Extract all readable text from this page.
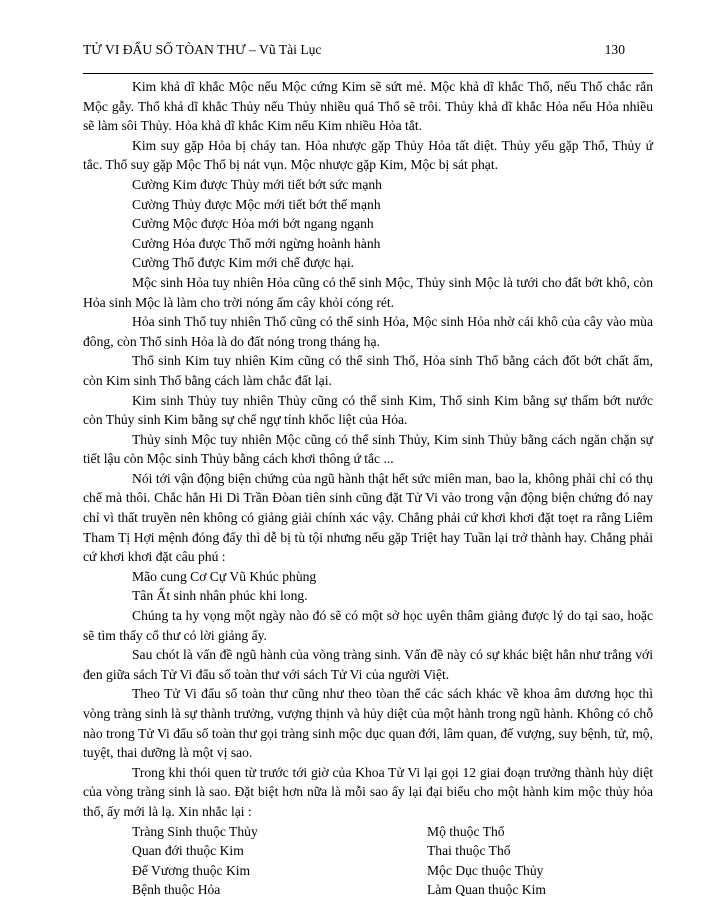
TỬ VI ĐẨU SỐ TÒAN THƯ – Vũ Tài Lục	130

Kim khả dĩ khắc Mộc nếu Mộc cứng Kim sẽ sứt mẻ. Mộc khả dĩ khắc Thổ, nếu Thổ chắc rắn Mộc gẫy. Thổ khả dĩ khắc Thủy nếu Thủy nhiều quá Thổ sẽ trôi. Thủy khả dĩ khắc Hỏa nếu Hỏa nhiều sẽ làm sôi Thủy. Hỏa khả dĩ khắc Kim nếu Kim nhiều Hỏa tắt.

Kim suy gặp Hỏa bị cháy tan. Hỏa nhược gặp Thủy Hỏa tất diệt. Thủy yếu gặp Thổ, Thủy ứ tắc. Thổ suy gặp Mộc Thổ bị nát vụn. Mộc nhược gặp Kim, Mộc bị sát phạt.

Cường Kim được Thủy mới tiết bớt sức mạnh

Cường Thủy được Mộc mới tiết bớt thế mạnh

Cường Mộc được Hỏa mới bớt ngang ngạnh

Cường Hỏa được Thổ mới ngừng hoành hành

Cường Thổ được Kim mới chế được hại.

Mộc sinh Hỏa tuy nhiên Hỏa cũng có thể sinh Mộc, Thủy sinh Mộc là tưới cho đất bớt khô, còn Hỏa sinh Mộc là làm cho trời nóng ấm cây khỏi cóng rét.

Hỏa sinh Thổ tuy nhiên Thổ cũng có thể sinh Hỏa, Mộc sinh Hỏa nhờ cái khô của cây vào mùa đông, còn Thổ sinh Hỏa là do đất nóng trong tháng hạ.

Thổ sinh Kim tuy nhiên Kim cũng có thể sinh Thổ, Hỏa sinh Thổ bằng cách đốt bớt chất ẩm, còn Kim sinh Thổ bằng cách làm chắc đất lại.

Kim sinh Thủy tuy nhiên Thủy cũng có thể sinh Kim, Thổ sinh Kim bằng sự thấm bớt nước còn Thủy sinh Kim bằng sự chế ngự tính khốc liệt của Hỏa.

Thủy sinh Mộc tuy nhiên Mộc cũng có thể sinh Thủy, Kim sinh Thủy bằng cách ngăn chặn sự tiết lậu còn Mộc sinh Thủy bằng cách khơi thông ứ tắc ...

Nói tới vận động biện chứng của ngũ hành thật hết sức miên man, bao la, không phải chỉ có thụ chế mà thôi. Chắc hẳn Hi Di Trần Đòan tiên sinh cũng đặt Tử Vi vào trong vận động biện chứng đó nay chỉ vì thất truyền nên không có giảng giải chính xác vậy. Chẳng phải cứ khơi khơi đặt toẹt ra rằng Liêm Tham Tị Hợi mệnh đóng đấy thì dễ bị tù tội nhưng nếu gặp Triệt hay Tuần lại trở thành hay. Chẳng phải cứ khơi khơi đặt câu phú :

Mão cung Cơ Cự Vũ Khúc phùng

Tân Ất sinh nhân phúc khi long.

Chúng ta hy vọng một ngày nào đó sẽ có một sở học uyên thâm giảng được lý do tại sao, hoặc sẽ tìm thấy cổ thư có lời giảng ấy.

Sau chót là vấn đề ngũ hành của vòng tràng sinh. Vấn đề này có sự khác biệt hẳn như trắng với đen giữa sách Tử Vi đẩu số toàn thư với sách Tử Vi của người Việt.

Theo Tử Vi đẩu số toàn thư cũng như theo tòan thể các sách khác về khoa âm dương học thì vòng tràng sinh là sự thành trưởng, vượng thịnh và hủy diệt của một hành trong ngũ hành. Không có chỗ nào trong Tử Vi đẩu số toàn thư gọi tràng sinh mộc dục quan đới, lâm quan, đế vượng, suy bệnh, tử, mộ, tuyệt, thai dưỡng là một vị sao.

Trong khi thói quen từ trước tới giờ của Khoa Tử Vi lại gọi 12 giai đoạn trưởng thành hủy diệt của vòng tràng sinh là sao. Đặt biệt hơn nữa là mỗi sao ấy lại đại biểu cho một hành kim mộc thủy hỏa thổ, ấy mới là lạ. Xin nhắc lại :

Tràng Sinh thuộc Thủy	Mộ thuộc Thổ
Quan đới thuộc Kim	Thai thuộc Thổ
Đế Vương thuộc Kim	Mộc Dục thuộc Thủy
Bệnh thuộc Hỏa	Làm Quan thuộc Kim
